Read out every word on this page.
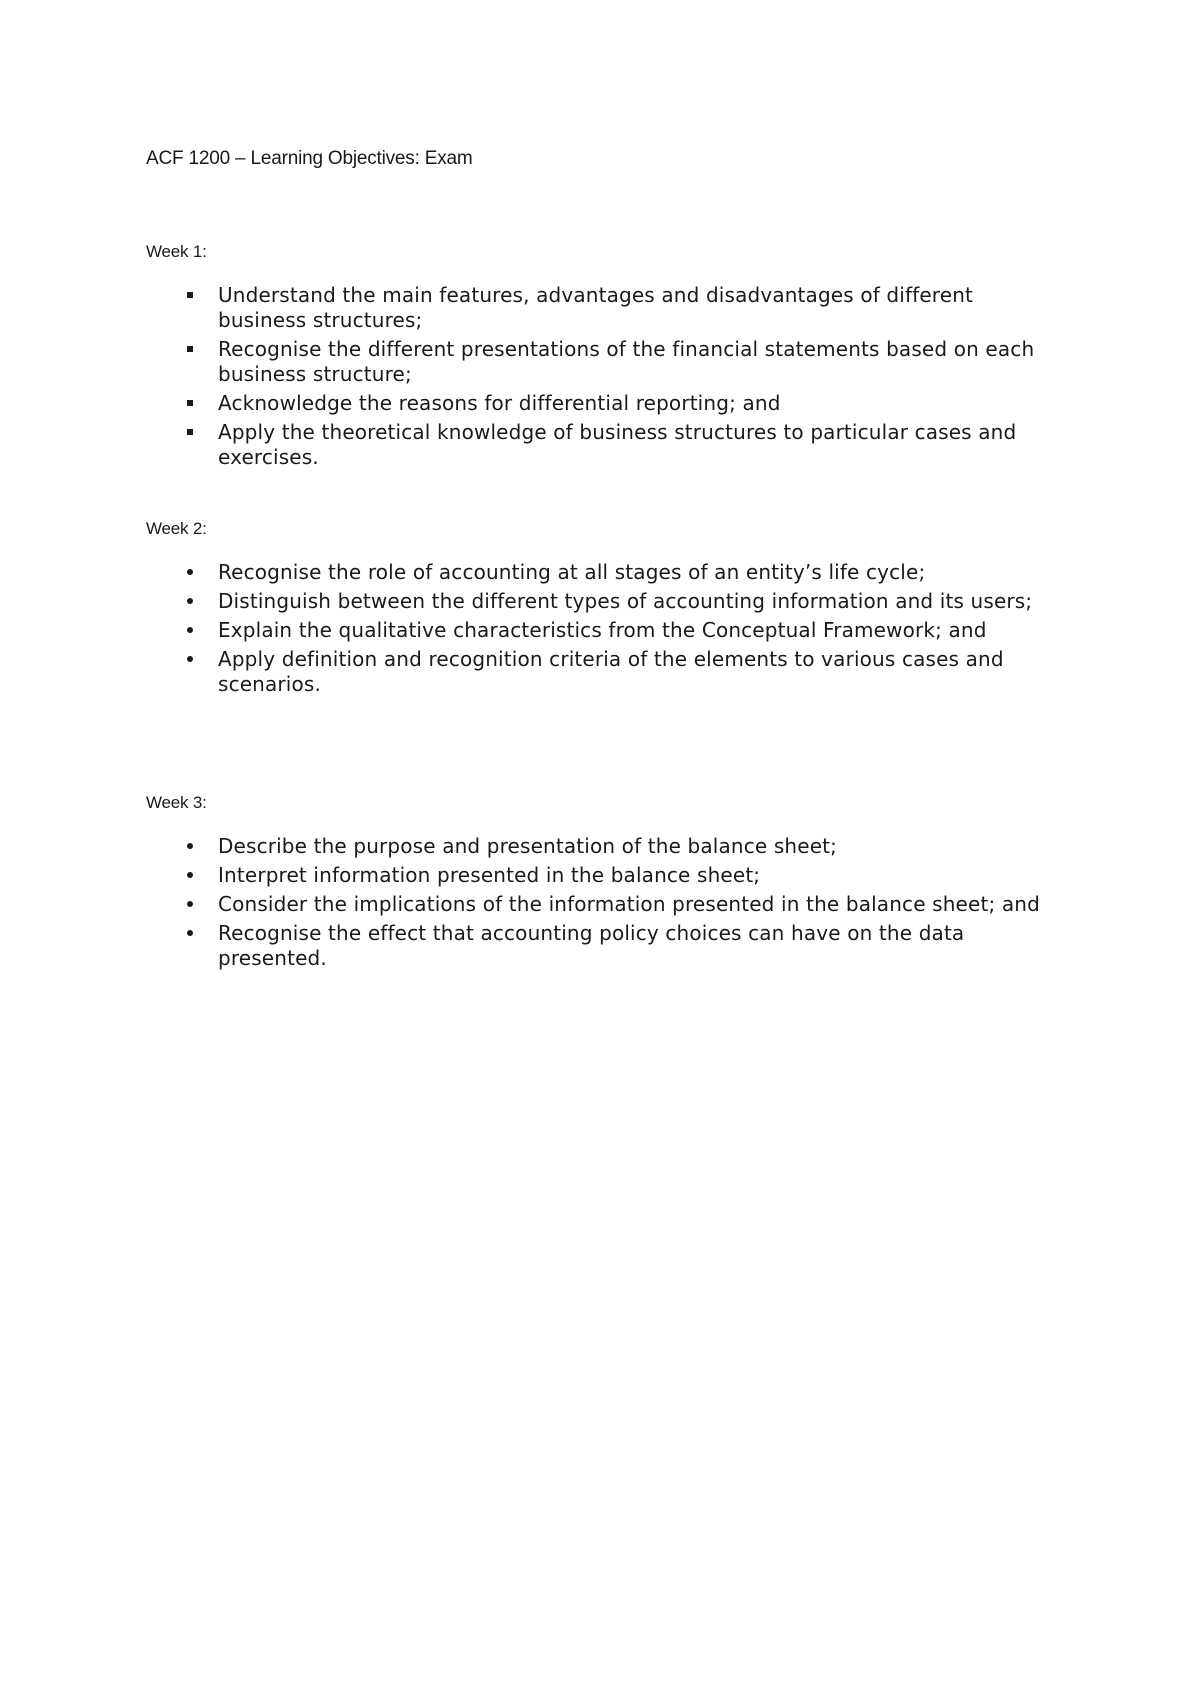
ACF 1200 – Learning Objectives: Exam
Week 1:
Understand the main features, advantages and disadvantages of different business structures;
Recognise the different presentations of the financial statements based on each business structure;
Acknowledge the reasons for differential reporting; and
Apply the theoretical knowledge of business structures to particular cases and exercises.
Week 2:
Recognise the role of accounting at all stages of an entity’s life cycle;
Distinguish between the different types of accounting information and its users;
Explain the qualitative characteristics from the Conceptual Framework; and
Apply definition and recognition criteria of the elements to various cases and scenarios.
Week 3:
Describe the purpose and presentation of the balance sheet;
Interpret information presented in the balance sheet;
Consider the implications of the information presented in the balance sheet; and
Recognise the effect that accounting policy choices can have on the data presented.
